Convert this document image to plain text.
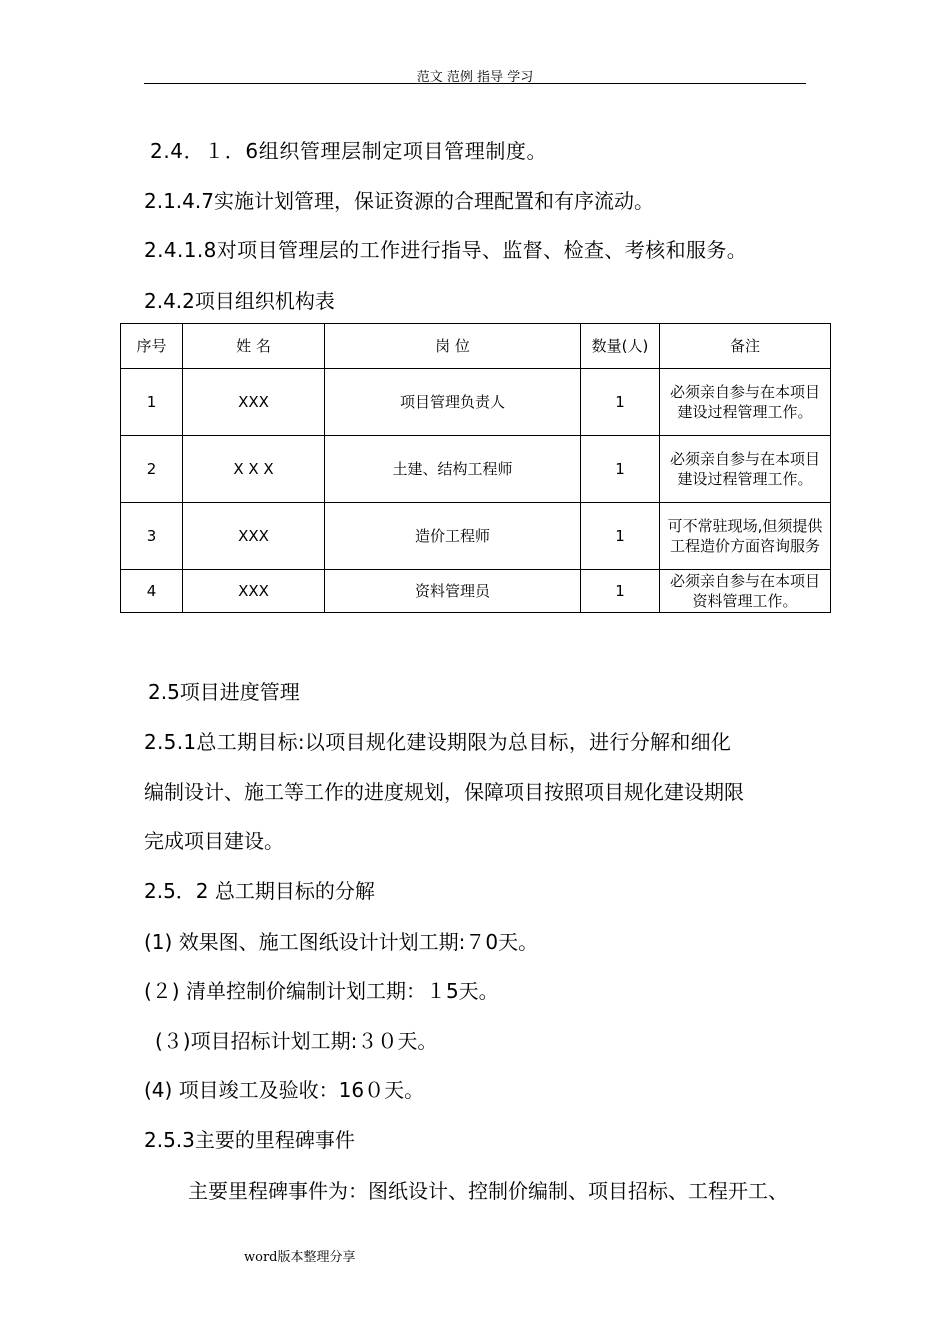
范文 范例 指导 学习
2.4．１．6组织管理层制定项目管理制度。
2.1.4.7实施计划管理，保证资源的合理配置和有序流动。
2.4.1.8对项目管理层的工作进行指导、监督、检查、考核和服务。
2.4.2项目组织机构表
序号	姓 名	岗 位	数量(人)	备注
1	XXX	项目管理负责人	1	必须亲自参与在本项目建设过程管理工作。
2	X X X	土建、结构工程师	1	必须亲自参与在本项目建设过程管理工作。
3	XXX	造价工程师	1	可不常驻现场,但须提供工程造价方面咨询服务
4	XXX	资料管理员	1	必须亲自参与在本项目资料管理工作。
2.5项目进度管理
2.5.1总工期目标:以项目规化建设期限为总目标，进行分解和细化
编制设计、施工等工作的进度规划，保障项目按照项目规化建设期限
完成项目建设。
2.5．2 总工期目标的分解
(1) 效果图、施工图纸设计计划工期:７0天。
(２) 清单控制价编制计划工期：１5天。
(３)项目招标计划工期:３０天。
(4) 项目竣工及验收：16０天。
2.5.3主要的里程碑事件
主要里程碑事件为：图纸设计、控制价编制、项目招标、工程开工、
word版本整理分享
